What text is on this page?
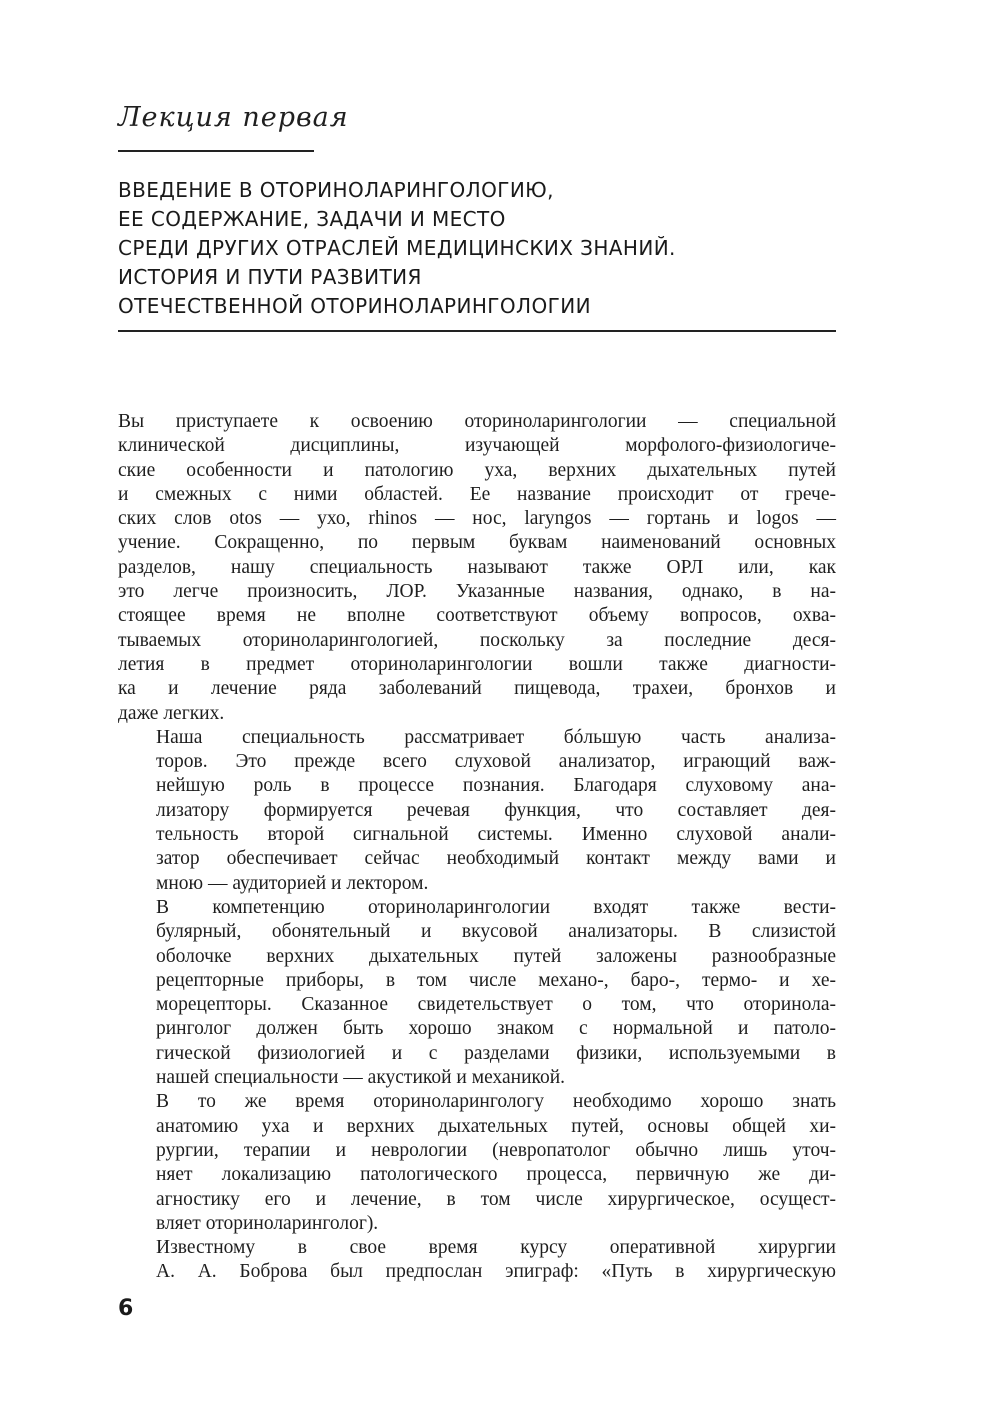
Лекция первая
ВВЕДЕНИЕ В ОТОРИНОЛАРИНГОЛОГИЮ,
ЕЕ СОДЕРЖАНИЕ, ЗАДАЧИ И МЕСТО
СРЕДИ ДРУГИХ ОТРАСЛЕЙ МЕДИЦИНСКИХ ЗНАНИЙ.
ИСТОРИЯ И ПУТИ РАЗВИТИЯ
ОТЕЧЕСТВЕННОЙ ОТОРИНОЛАРИНГОЛОГИИ

Вы приступаете к освоению оториноларингологии — специальной
клинической дисциплины, изучающей морфолого-физиологиче-
ские особенности и патологию уха, верхних дыхательных путей
и смежных с ними областей. Ее название происходит от грече-
ских слов otos — ухо, rhinos — нос, laryngos — гортань и logos —
учение. Сокращенно, по первым буквам наименований основных
разделов, нашу специальность называют также ОРЛ или, как
это легче произносить, ЛОР. Указанные названия, однако, в на-
стоящее время не вполне соответствуют объему вопросов, охва-
тываемых оториноларингологией, поскольку за последние деся-
летия в предмет оториноларингологии вошли также диагности-
ка и лечение ряда заболеваний пищевода, трахеи, бронхов и
даже легких.

Наша специальность рассматривает бóльшую часть анализа-
торов. Это прежде всего слуховой анализатор, играющий важ-
нейшую роль в процессе познания. Благодаря слуховому ана-
лизатору формируется речевая функция, что составляет дея-
тельность второй сигнальной системы. Именно слуховой анали-
затор обеспечивает сейчас необходимый контакт между вами и
мною — аудиторией и лектором.

В компетенцию оториноларингологии входят также вести-
булярный, обонятельный и вкусовой анализаторы. В слизистой
оболочке верхних дыхательных путей заложены разнообразные
рецепторные приборы, в том числе механо-, баро-, термо- и хе-
морецепторы. Сказанное свидетельствует о том, что оторинола-
ринголог должен быть хорошо знаком с нормальной и патоло-
гической физиологией и с разделами физики, используемыми в
нашей специальности — акустикой и механикой.

В то же время оториноларингологу необходимо хорошо знать
анатомию уха и верхних дыхательных путей, основы общей хи-
рургии, терапии и неврологии (невропатолог обычно лишь уточ-
няет локализацию патологического процесса, первичную же ди-
агностику его и лечение, в том числе хирургическое, осущест-
вляет оториноларинголог).

Известному в свое время курсу оперативной хирургии
А. А. Боброва был предпослан эпиграф: «Путь в хирургическую

6
